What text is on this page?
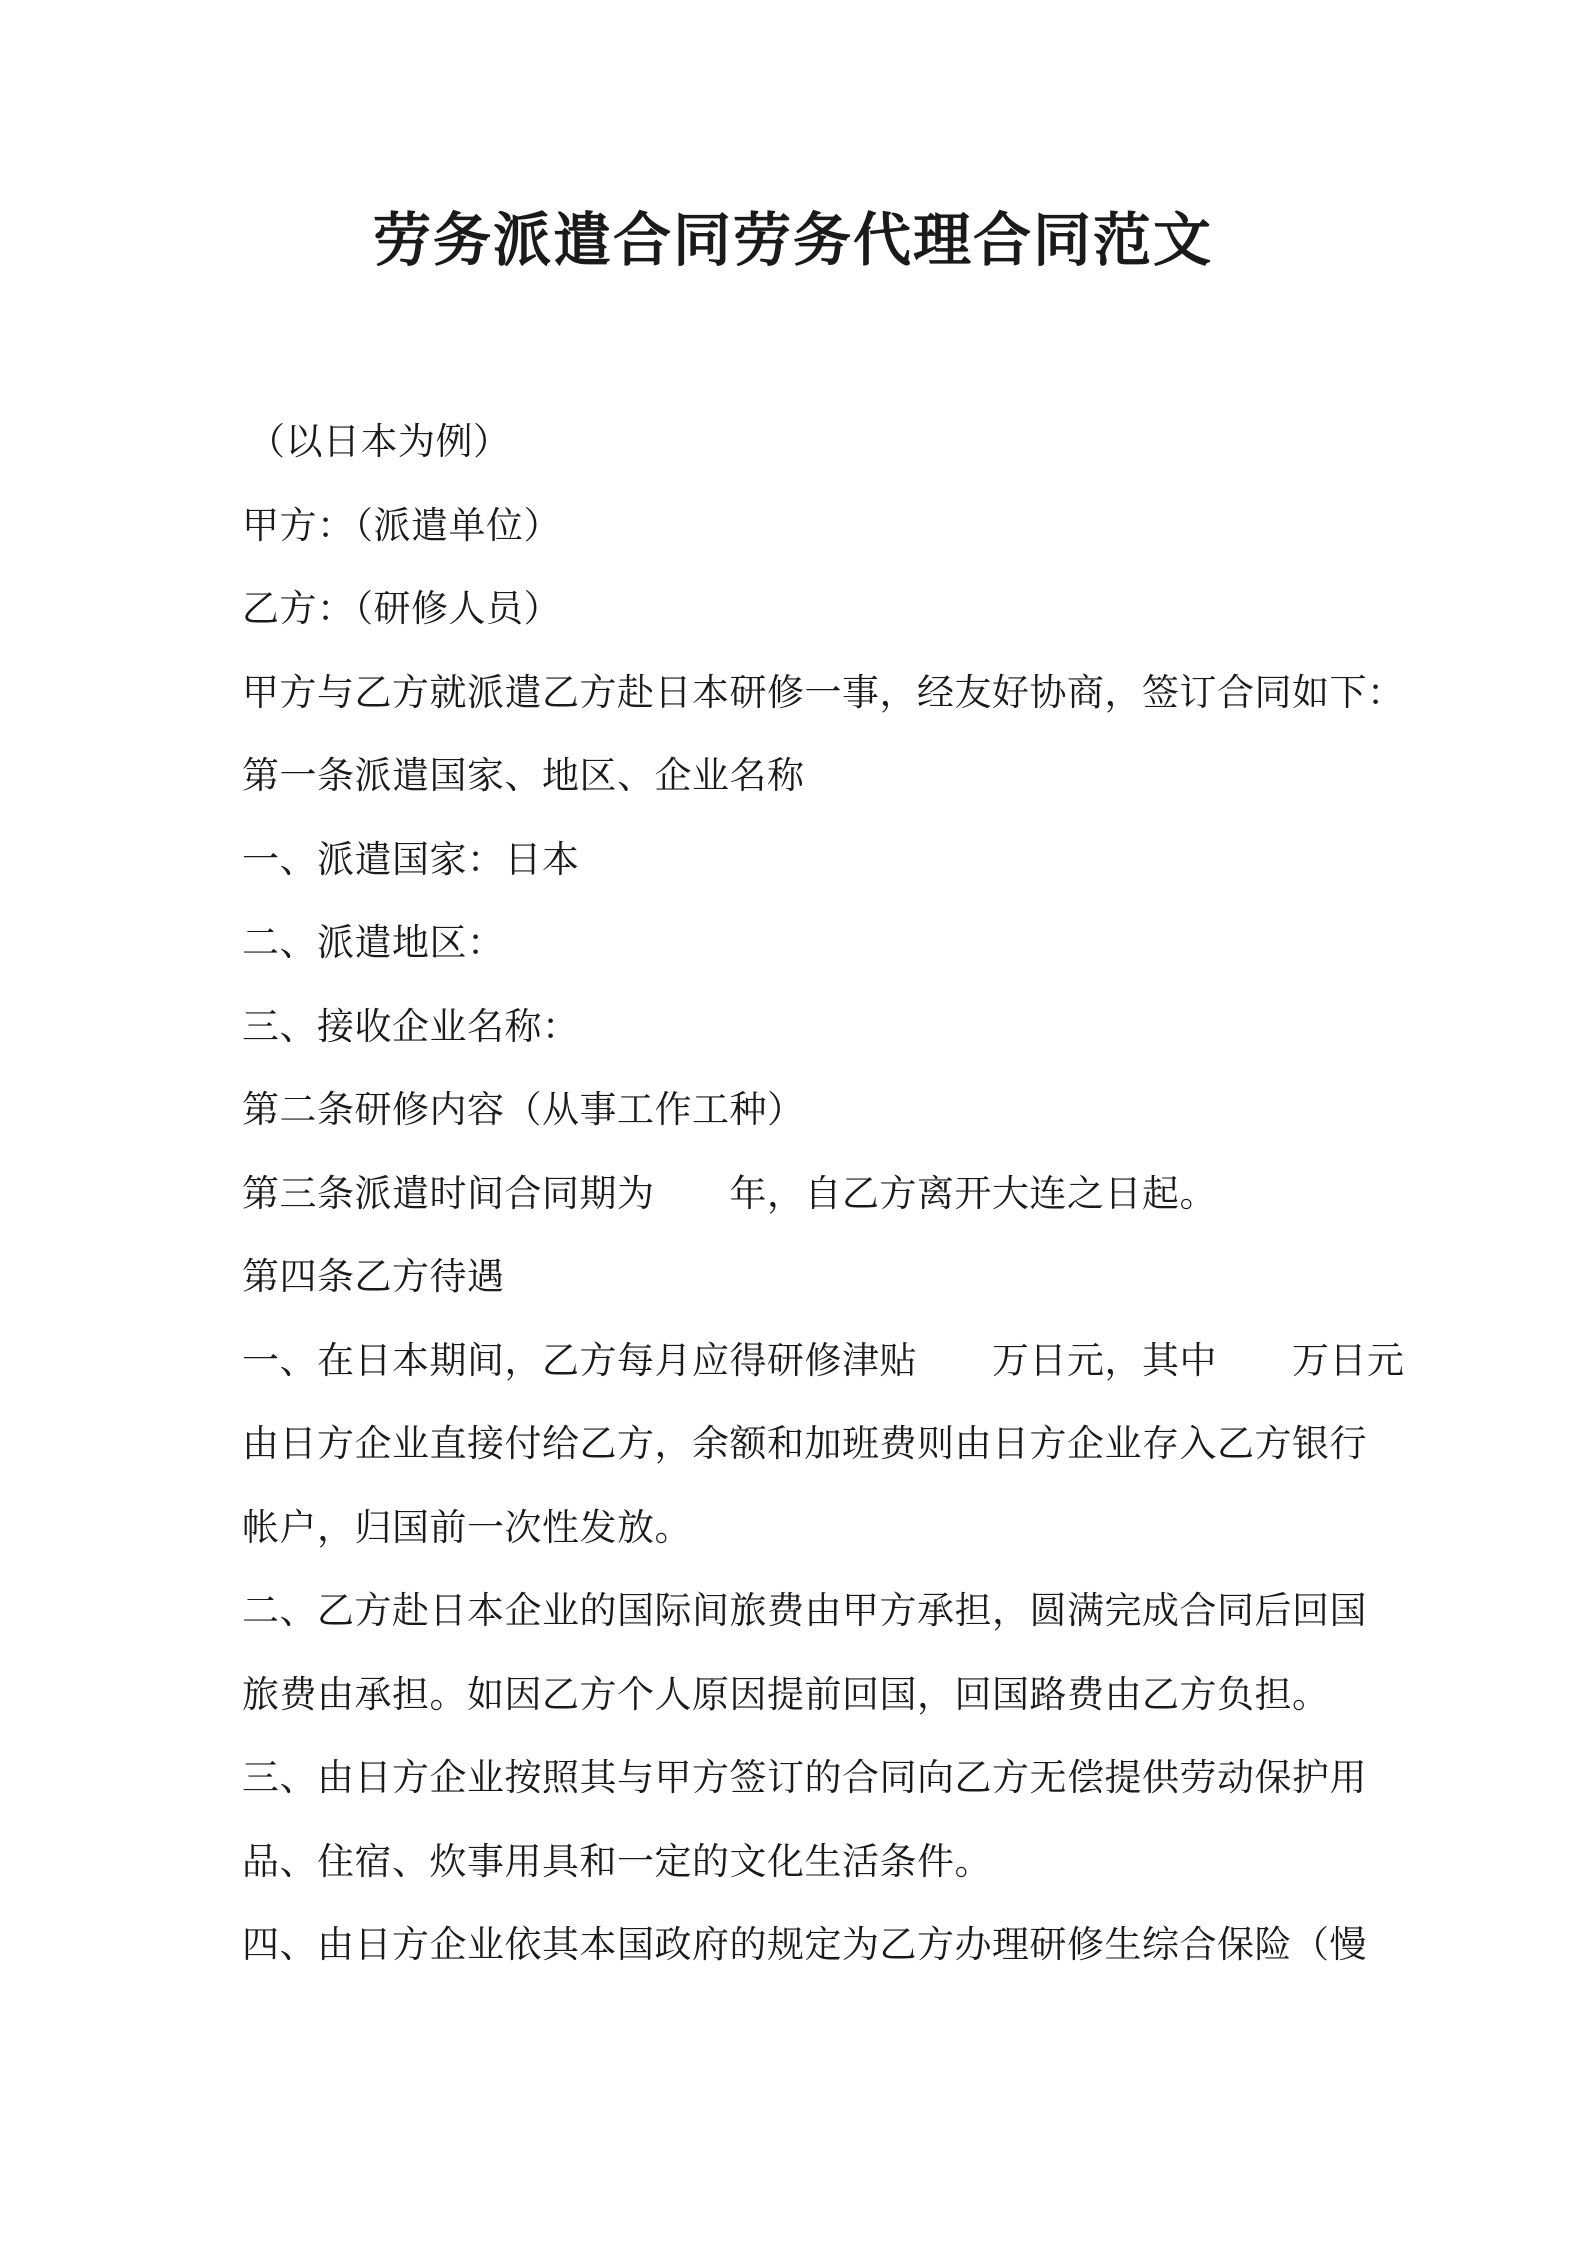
劳务派遣合同劳务代理合同范文
（以日本为例）
甲方：（派遣单位）
乙方：（研修人员）
甲方与乙方就派遣乙方赴日本研修一事，经友好协商，签订合同如下：
第一条派遣国家、地区、企业名称
一、派遣国家：日本
二、派遣地区：
三、接收企业名称：
第二条研修内容（从事工作工种）
第三条派遣时间合同期为　　年，自乙方离开大连之日起。
第四条乙方待遇
一、在日本期间，乙方每月应得研修津贴　　万日元，其中　　万日元
由日方企业直接付给乙方，余额和加班费则由日方企业存入乙方银行
帐户，归国前一次性发放。
二、乙方赴日本企业的国际间旅费由甲方承担，圆满完成合同后回国
旅费由承担。如因乙方个人原因提前回国，回国路费由乙方负担。
三、由日方企业按照其与甲方签订的合同向乙方无偿提供劳动保护用
品、住宿、炊事用具和一定的文化生活条件。
四、由日方企业依其本国政府的规定为乙方办理研修生综合保险（慢
